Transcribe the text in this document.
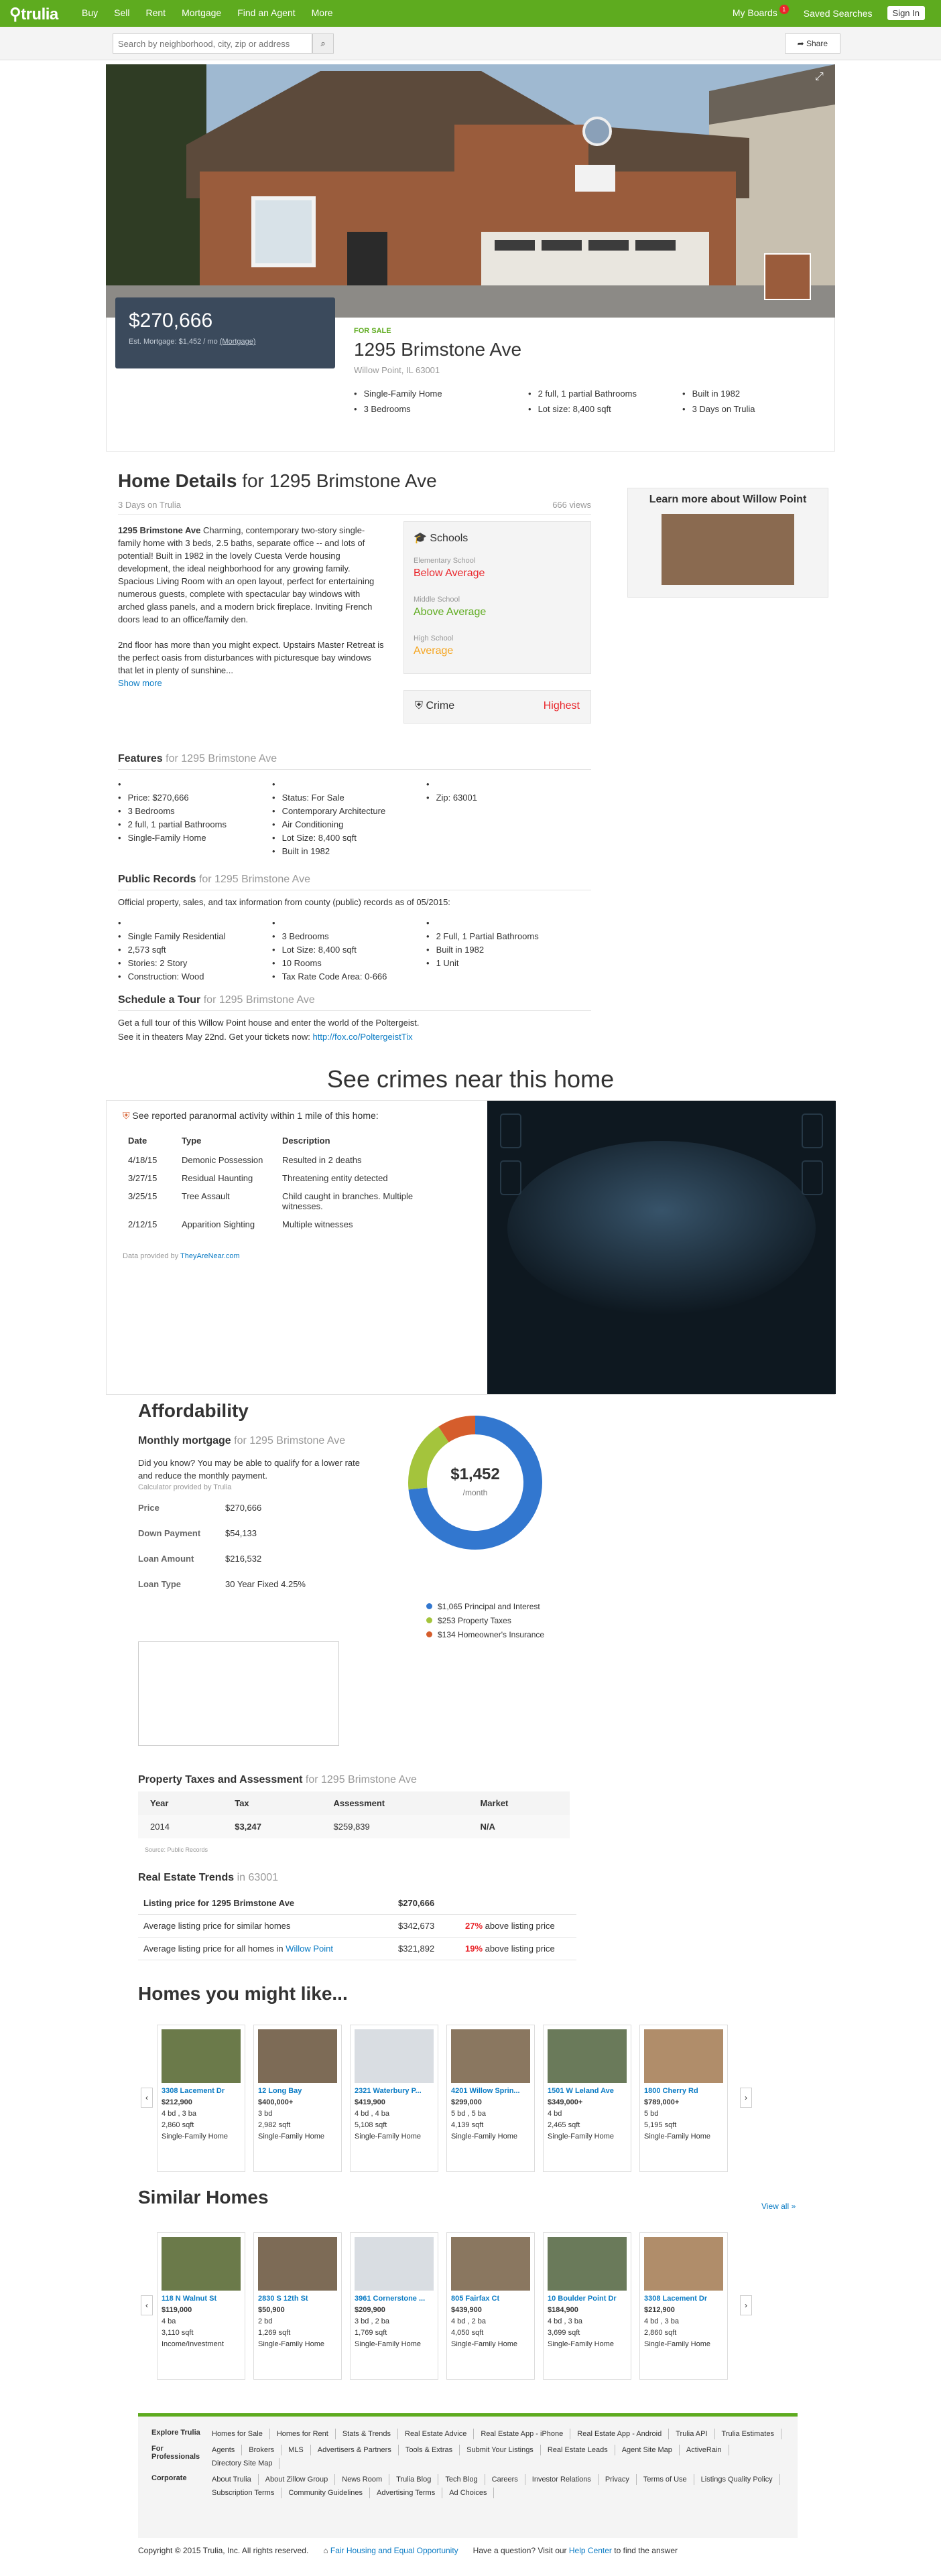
⚲trulia	Buy Sell Rent Mortgage Find an Agent More	My Boards 1	Saved Searches	Sign In
Search by neighborhood, city, zip or address
⌕	➦ Share
⤢
$270,666
Est. Mortgage: $1,452 / mo (Mortgage)
FOR SALE
1295 Brimstone Ave
Willow Point, IL 63001
• Single-Family Home	• 2 full, 1 partial Bathrooms	• Built in 1982
• 3 Bedrooms	• Lot size: 8,400 sqft	• 3 Days on Trulia
Home Details for 1295 Brimstone Ave
3 Days on Trulia	666 views

1295 Brimstone Ave Charming, contemporary two-story single-family home with 3 beds, 2.5 baths, separate office -- and lots of potential! Built in 1982 in the lovely Cuesta Verde housing development, the ideal neighborhood for any growing family. Spacious Living Room with an open layout, perfect for entertaining numerous guests, complete with spectacular bay windows with arched glass panels, and a modern brick fireplace. Inviting French doors lead to an office/family den.

2nd floor has more than you might expect. Upstairs Master Retreat is the perfect oasis from disturbances with picturesque bay windows that let in plenty of sunshine...

Show more
🎓 Schools
Elementary School
Below Average
Middle School
Above Average
High School
Average
⛨ Crime	Highest
Learn more about Willow Point
Features for 1295 Brimstone Ave
• • Price: $270,666
• 3 Bedrooms
• 2 full, 1 partial Bathrooms
• Single-Family Home
• • Status: For Sale
• Contemporary Architecture
• Air Conditioning
• Lot Size: 8,400 sqft
• Built in 1982
• • Zip: 63001
Public Records for 1295 Brimstone Ave

Official property, sales, and tax information from county (public) records as of 05/2015:

• • Single Family Residential
• 2,573 sqft
• Stories: 2 Story
• Construction: Wood
• • 3 Bedrooms
• Lot Size: 8,400 sqft
• 10 Rooms
• Tax Rate Code Area: 0-666
• • 2 Full, 1 Partial Bathrooms
• Built in 1982
• 1 Unit
Schedule a Tour for 1295 Brimstone Ave

Get a full tour of this Willow Point house and enter the world of the Poltergeist.

See it in theaters May 22nd. Get your tickets now: http://fox.co/PoltergeistTix

See crimes near this home
⛨ See reported paranormal activity within 1 mile of this home:
Date	Type	Description
4/18/15	Demonic Possession	Resulted in 2 deaths
3/27/15	Residual Haunting	Threatening entity detected
3/25/15	Tree Assault	Child caught in branches. Multiple witnesses.
2/12/15	Apparition Sighting	Multiple witnesses
Data provided by TheyAreNear.com
Affordability
Monthly mortgage for 1295 Brimstone Ave

Did you know? You may be able to qualify for a lower rate and reduce the monthly payment.

Calculator provided by Trulia

Price	$270,666
Down Payment	$54,133
Loan Amount	$216,532
Loan Type	30 Year Fixed 4.25%
$1,452
/month
$1,065 Principal and Interest
$253 Property Taxes
$134 Homeowner's Insurance
Property Taxes and Assessment for 1295 Brimstone Ave
Year	Tax	Assessment	Market
2014	$3,247	$259,839	N/A
Source: Public Records
Real Estate Trends in 63001
Listing price for 1295 Brimstone Ave	$270,666	
Average listing price for similar homes	$342,673	27% above listing price
Average listing price for all homes in Willow Point	$321,892	19% above listing price
Homes you might like...
‹
3308 Lacement Dr
$212,900
4 bd , 3 ba
2,860 sqft
Single-Family Home
12 Long Bay
$400,000+
3 bd
2,982 sqft
Single-Family Home
2321 Waterbury P...
$419,900
4 bd , 4 ba
5,108 sqft
Single-Family Home
4201 Willow Sprin...
$299,000
5 bd , 5 ba
4,139 sqft
Single-Family Home
1501 W Leland Ave
$349,000+
4 bd
2,465 sqft
Single-Family Home
1800 Cherry Rd
$789,000+
5 bd
5,195 sqft
Single-Family Home
›
Similar Homes	View all »
‹
118 N Walnut St
$119,000
4 ba
3,110 sqft
Income/Investment
2830 S 12th St
$50,900
2 bd
1,269 sqft
Single-Family Home
3961 Cornerstone ...
$209,900
3 bd , 2 ba
1,769 sqft
Single-Family Home
805 Fairfax Ct
$439,900
4 bd , 2 ba
4,050 sqft
Single-Family Home
10 Boulder Point Dr
$184,900
4 bd , 3 ba
3,699 sqft
Single-Family Home
3308 Lacement Dr
$212,900
4 bd , 3 ba
2,860 sqft
Single-Family Home
›
Explore Trulia	Homes for Sale	Homes for Rent	Stats & Trends	Real Estate Advice	Real Estate App - iPhone	Real Estate App - Android	Trulia API	Trulia Estimates
For Professionals
Agents	Brokers	MLS	Advertisers & Partners	Tools & Extras	Submit Your Listings	Real Estate Leads	Agent Site Map	ActiveRain
Directory Site Map
Corporate	About Trulia	About Zillow Group	News Room	Trulia Blog	Tech Blog	Careers	Investor Relations	Privacy	Terms of Use	Listings Quality Policy
Subscription Terms	Community Guidelines	Advertising Terms	Ad Choices
Copyright © 2015 Trulia, Inc. All rights reserved. ⌂ Fair Housing and Equal Opportunity Have a question? Visit our Help Center to find the answer
